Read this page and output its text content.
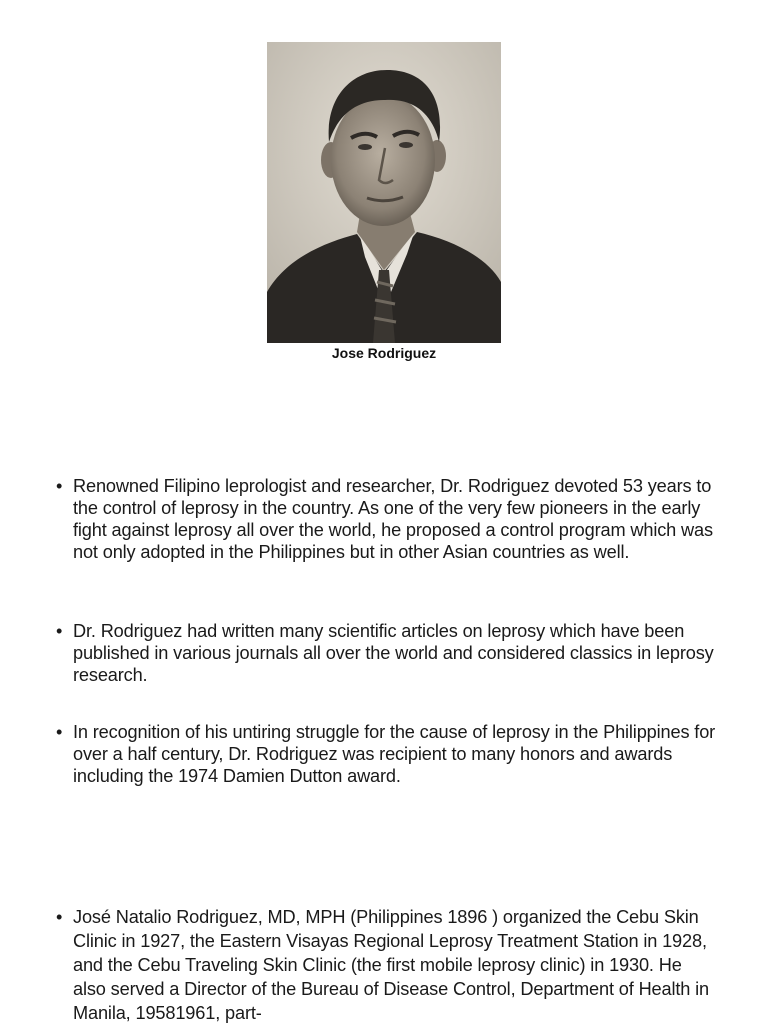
Jose Rodriguez
• Renowned Filipino leprologist and researcher, Dr. Rodriguez devoted 53 years to the control of leprosy in the country. As one of the very few pioneers in the early fight against leprosy all over the world, he proposed a control program which was not only adopted in the Philippines but in other Asian countries as well.
• Dr. Rodriguez had written many scientific articles on leprosy which have been published in various journals all over the world and considered classics in leprosy research.
• In recognition of his untiring struggle for the cause of leprosy in the Philippines for over a half century, Dr. Rodriguez was recipient to many honors and awards including the 1974 Damien Dutton award.
• José Natalio Rodriguez, MD, MPH (Philippines 1896 ) organized the Cebu Skin Clinic in 1927, the Eastern Visayas Regional Leprosy Treatment Station in 1928, and the Cebu Traveling Skin Clinic (the first mobile leprosy clinic) in 1930. He also served a Director of the Bureau of Disease Control, Department of Health in Manila, 19581961, part-
